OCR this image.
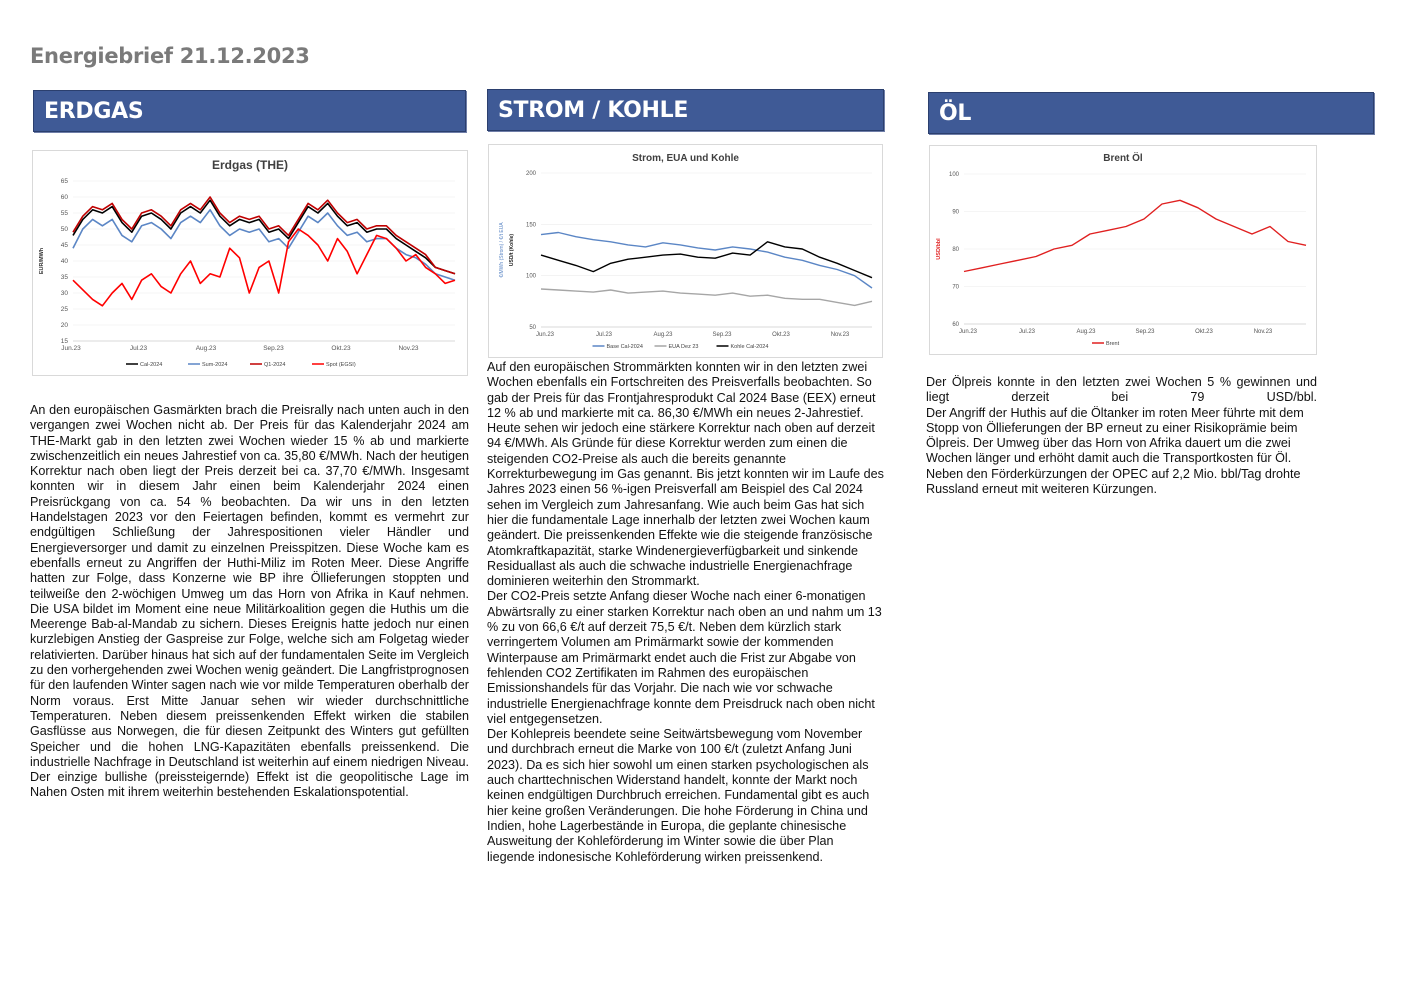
Energiebrief 21.12.2023
ERDGAS	STROM / KOHLE	ÖL
Erdgas (THE)
15
20
25
30
35
40
45
50
55
60
65
Jun.23	Jul.23	Aug.23	Sep.23	Okt.23	Nov.23
EUR/MWh
Cal-2024	Sum-2024	Q1-2024	Spot (EGSI)
Strom, EUA und Kohle
50
100
150
200
Jun.23	Jul.23	Aug.23	Sep.23	Okt.23	Nov.23
€/MWh (Strom) / €/t EUA USD/t (Kohle)
Base Cal-2024	EUA Dez 23	Kohle Cal-2024
Brent Öl
60
70
80
90
100
Jun.23	Jul.23	Aug.23	Sep.23	Okt.23	Nov.23
USD/bbl
Brent

An den europäischen Gasmärkten brach die Preisrally nach unten auch in den vergangen zwei Wochen nicht ab. Der Preis für das Kalenderjahr 2024 am THE-Markt gab in den letzten zwei Wochen wieder 15 % ab und markierte zwischenzeitlich ein neues Jahrestief von ca. 35,80 €/MWh. Nach der heutigen Korrektur nach oben liegt der Preis derzeit bei ca. 37,70 €/MWh. Insgesamt konnten wir in diesem Jahr einen beim Kalenderjahr 2024 einen Preisrückgang von ca. 54 % beobachten. Da wir uns in den letzten Handelstagen 2023 vor den Feiertagen befinden, kommt es vermehrt zur endgültigen Schließung der Jahrespositionen vieler Händler und Energieversorger und damit zu einzelnen Preisspitzen. Diese Woche kam es ebenfalls erneut zu Angriffen der Huthi-Miliz im Roten Meer. Diese Angriffe hatten zur Folge, dass Konzerne wie BP ihre Öllieferungen stoppten und teilweiße den 2-wöchigen Umweg um das Horn von Afrika in Kauf nehmen. Die USA bildet im Moment eine neue Militärkoalition gegen die Huthis um die Meerenge Bab-al-Mandab zu sichern. Dieses Ereignis hatte jedoch nur einen kurzlebigen Anstieg der Gaspreise zur Folge, welche sich am Folgetag wieder relativierten. Darüber hinaus hat sich auf der fundamentalen Seite im Vergleich zu den vorhergehenden zwei Wochen wenig geändert. Die Langfristprognosen für den laufenden Winter sagen nach wie vor milde Temperaturen oberhalb der Norm voraus. Erst Mitte Januar sehen wir wieder durchschnittliche Temperaturen. Neben diesem preissenkenden Effekt wirken die stabilen Gasflüsse aus Norwegen, die für diesen Zeitpunkt des Winters gut gefüllten Speicher und die hohen LNG-Kapazitäten ebenfalls preissenkend. Die industrielle Nachfrage in Deutschland ist weiterhin auf einem niedrigen Niveau. Der einzige bullishe (preissteigernde) Effekt ist die geopolitische Lage im Nahen Osten mit ihrem weiterhin bestehenden Eskalationspotential.

Auf den europäischen Strommärkten konnten wir in den letzten zwei Wochen ebenfalls ein Fortschreiten des Preisverfalls beobachten. So gab der Preis für das Frontjahresprodukt Cal 2024 Base (EEX) erneut 12 % ab und markierte mit ca. 86,30 €/MWh ein neues 2-Jahrestief. Heute sehen wir jedoch eine stärkere Korrektur nach oben auf derzeit 94 €/MWh. Als Gründe für diese Korrektur werden zum einen die steigenden CO2-Preise als auch die bereits genannte Korrekturbewegung im Gas genannt. Bis jetzt konnten wir im Laufe des Jahres 2023 einen 56 %-igen Preisverfall am Beispiel des Cal 2024 sehen im Vergleich zum Jahresanfang. Wie auch beim Gas hat sich hier die fundamentale Lage innerhalb der letzten zwei Wochen kaum geändert. Die preissenkenden Effekte wie die steigende französische Atomkraftkapazität, starke Windenergieverfügbarkeit und sinkende Residuallast als auch die schwache industrielle Energienachfrage dominieren weiterhin den Strommarkt.

Der CO2-Preis setzte Anfang dieser Woche nach einer 6-monatigen Abwärtsrally zu einer starken Korrektur nach oben an und nahm um 13 % zu von 66,6 €/t auf derzeit 75,5 €/t. Neben dem kürzlich stark verringertem Volumen am Primärmarkt sowie der kommenden Winterpause am Primärmarkt endet auch die Frist zur Abgabe von fehlenden CO2 Zertifikaten im Rahmen des europäischen Emissionshandels für das Vorjahr. Die nach wie vor schwache industrielle Energienachfrage konnte dem Preisdruck nach oben nicht viel entgegensetzen.

Der Kohlepreis beendete seine Seitwärtsbewegung vom November und durchbrach erneut die Marke von 100 €/t (zuletzt Anfang Juni 2023). Da es sich hier sowohl um einen starken psychologischen als auch charttechnischen Widerstand handelt, konnte der Markt noch keinen endgültigen Durchbruch erreichen. Fundamental gibt es auch hier keine großen Veränderungen. Die hohe Förderung in China und Indien, hohe Lagerbestände in Europa, die geplante chinesische Ausweitung der Kohleförderung im Winter sowie die über Plan liegende indonesische Kohleförderung wirken preissenkend.

Der Ölpreis konnte in den letzten zwei Wochen 5 % gewinnen und liegt derzeit bei 79 USD/bbl.

Der Angriff der Huthis auf die Öltanker im roten Meer führte mit dem Stopp von Öllieferungen der BP erneut zu einer Risikoprämie beim Ölpreis. Der Umweg über das Horn von Afrika dauert um die zwei Wochen länger und erhöht damit auch die Transportkosten für Öl. Neben den Förderkürzungen der OPEC auf 2,2 Mio. bbl/Tag drohte Russland erneut mit weiteren Kürzungen.
